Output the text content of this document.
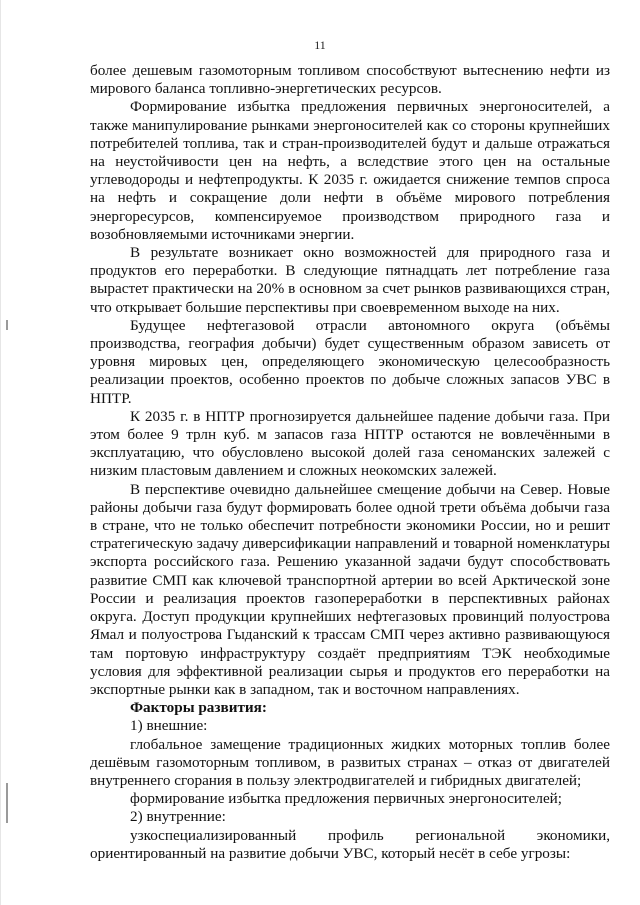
11

более дешевым газомоторным топливом способствуют вытеснению нефти из мирового баланса топливно-энергетических ресурсов.

Формирование избытка предложения первичных энергоносителей, а также манипулирование рынками энергоносителей как со стороны крупнейших потребителей топлива, так и стран-производителей будут и дальше отражаться на неустойчивости цен на нефть, а вследствие этого цен на остальные углеводороды и нефтепродукты. К 2035 г. ожидается снижение темпов спроса на нефть и сокращение доли нефти в объёме мирового потребления энергоресурсов, компенсируемое производством природного газа и возобновляемыми источниками энергии.

В результате возникает окно возможностей для природного газа и продуктов его переработки. В следующие пятнадцать лет потребление газа вырастет практически на 20% в основном за счет рынков развивающихся стран, что открывает большие перспективы при своевременном выходе на них.

Будущее нефтегазовой отрасли автономного округа (объёмы производства, география добычи) будет существенным образом зависеть от уровня мировых цен, определяющего экономическую целесообразность реализации проектов, особенно проектов по добыче сложных запасов УВС в НПТР.

К 2035 г. в НПТР прогнозируется дальнейшее падение добычи газа. При этом более 9 трлн куб. м запасов газа НПТР остаются не вовлечёнными в эксплуатацию, что обусловлено высокой долей газа сеноманских залежей с низким пластовым давлением и сложных неокомских залежей.

В перспективе очевидно дальнейшее смещение добычи на Север. Новые районы добычи газа будут формировать более одной трети объёма добычи газа в стране, что не только обеспечит потребности экономики России, но и решит стратегическую задачу диверсификации направлений и товарной номенклатуры экспорта российского газа. Решению указанной задачи будут способствовать развитие СМП как ключевой транспортной артерии во всей Арктической зоне России и реализация проектов газопереработки в перспективных районах округа. Доступ продукции крупнейших нефтегазовых провинций полуострова Ямал и полуострова Гыданский к трассам СМП через активно развивающуюся там портовую инфраструктуру создаёт предприятиям ТЭК необходимые условия для эффективной реализации сырья и продуктов его переработки на экспортные рынки как в западном, так и восточном направлениях.

Факторы развития:

1) внешние:

глобальное замещение традиционных жидких моторных топлив более дешёвым газомоторным топливом, в развитых странах – отказ от двигателей внутреннего сгорания в пользу электродвигателей и гибридных двигателей;

формирование избытка предложения первичных энергоносителей;

2) внутренние:

узкоспециализированный профиль региональной экономики, ориентированный на развитие добычи УВС, который несёт в себе угрозы:
